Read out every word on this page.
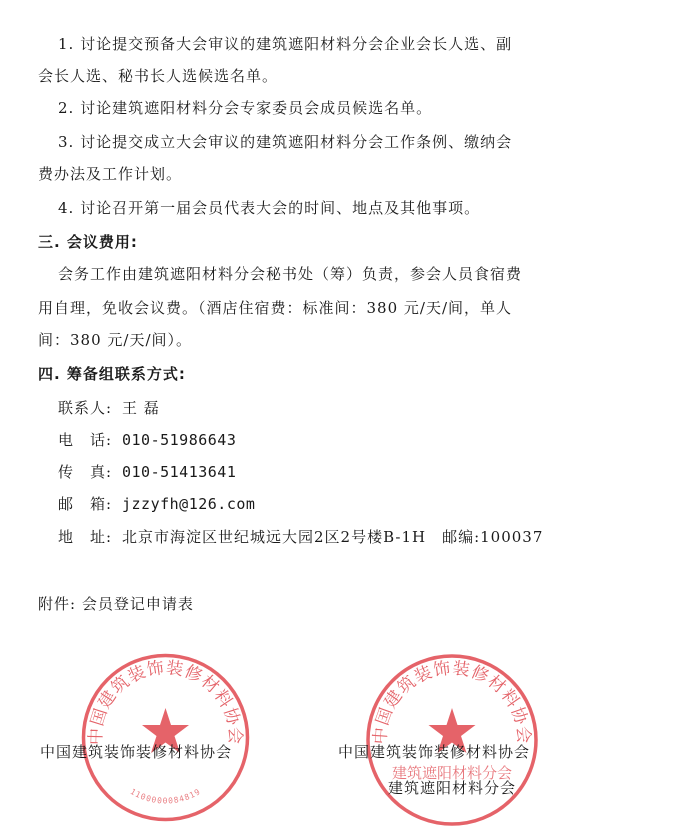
1. 讨论提交预备大会审议的建筑遮阳材料分会企业会长人选、副
会长人选、秘书长人选候选名单。
2. 讨论建筑遮阳材料分会专家委员会成员候选名单。
3. 讨论提交成立大会审议的建筑遮阳材料分会工作条例、缴纳会
费办法及工作计划。
4. 讨论召开第一届会员代表大会的时间、地点及其他事项。
三. 会议费用:
会务工作由建筑遮阳材料分会秘书处（筹）负责，参会人员食宿费
用自理，免收会议费。（酒店住宿费：标准间：380 元/天/间，单人
间：380 元/天/间）。
四. 筹备组联系方式:
联系人: 王 磊
电　话: 010-51986643
传　真: 010-51413641
邮　箱: jzzyfh@126.com
地　址: 北京市海淀区世纪城远大园2区2号楼B-1H　邮编:100037
附件: 会员登记申请表
中国建筑装饰装修材料协会
1100000084819
中国建筑装饰装修材料协会
建筑遮阳材料分会
中国建筑装饰装修材料协会	中国建筑装饰装修材料协会
建筑遮阳材料分会
